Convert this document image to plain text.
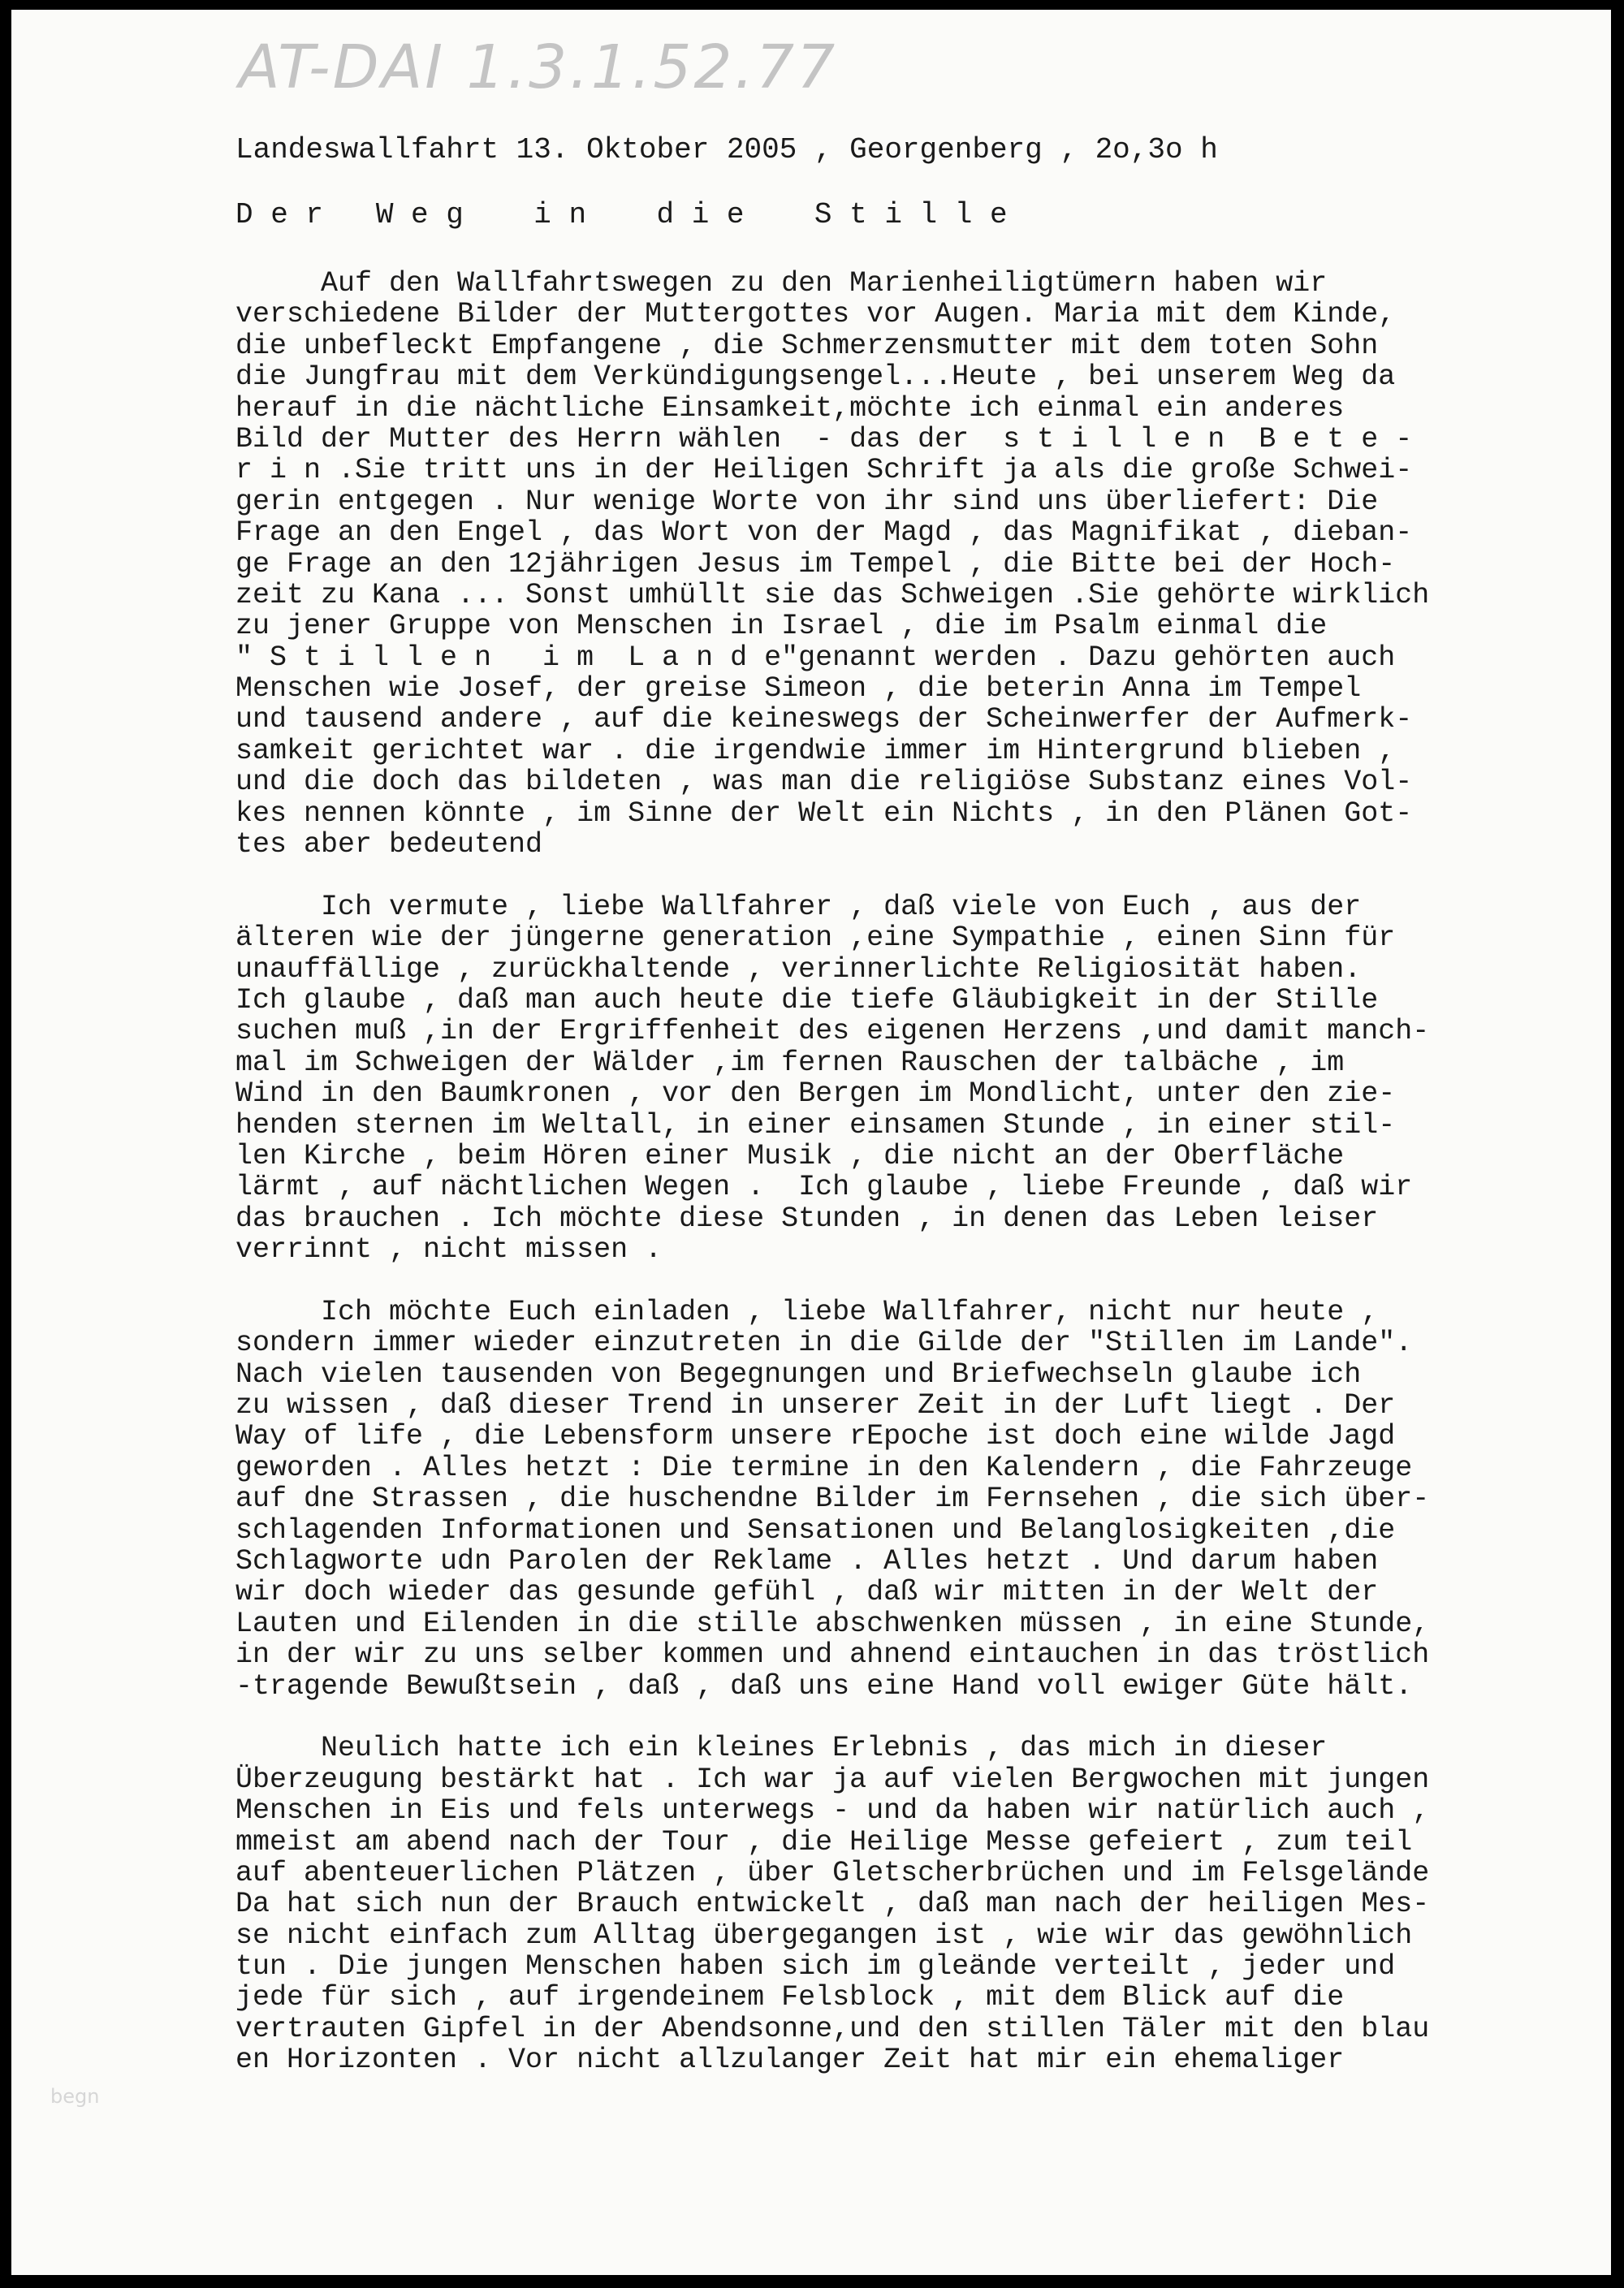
AT-DAI 1.3.1.52.77
Landeswallfahrt 13. Oktober 2005 , Georgenberg , 2o,3o h
D e r   W e g    i n    d i e    S t i l l e
Auf den Wallfahrtswegen zu den Marienheiligtümern haben wir
verschiedene Bilder der Muttergottes vor Augen. Maria mit dem Kinde,
die unbefleckt Empfangene , die Schmerzensmutter mit dem toten Sohn
die Jungfrau mit dem Verkündigungsengel...Heute , bei unserem Weg da
herauf in die nächtliche Einsamkeit,möchte ich einmal ein anderes
Bild der Mutter des Herrn wählen  - das der  s t i l l e n  B e t e -
r i n .Sie tritt uns in der Heiligen Schrift ja als die große Schwei-
gerin entgegen . Nur wenige Worte von ihr sind uns überliefert: Die
Frage an den Engel , das Wort von der Magd , das Magnifikat , dieban-
ge Frage an den 12jährigen Jesus im Tempel , die Bitte bei der Hoch-
zeit zu Kana ... Sonst umhüllt sie das Schweigen .Sie gehörte wirklich
zu jener Gruppe von Menschen in Israel , die im Psalm einmal die
" S t i l l e n   i m  L a n d e"genannt werden . Dazu gehörten auch
Menschen wie Josef, der greise Simeon , die beterin Anna im Tempel
und tausend andere , auf die keineswegs der Scheinwerfer der Aufmerk-
samkeit gerichtet war . die irgendwie immer im Hintergrund blieben ,
und die doch das bildeten , was man die religiöse Substanz eines Vol-
kes nennen könnte , im Sinne der Welt ein Nichts , in den Plänen Got-
tes aber bedeutend
Ich vermute , liebe Wallfahrer , daß viele von Euch , aus der
älteren wie der jüngerne generation ,eine Sympathie , einen Sinn für
unauffällige , zurückhaltende , verinnerlichte Religiosität haben.
Ich glaube , daß man auch heute die tiefe Gläubigkeit in der Stille
suchen muß ,in der Ergriffenheit des eigenen Herzens ,und damit manch-
mal im Schweigen der Wälder ,im fernen Rauschen der talbäche , im
Wind in den Baumkronen , vor den Bergen im Mondlicht, unter den zie-
henden sternen im Weltall, in einer einsamen Stunde , in einer stil-
len Kirche , beim Hören einer Musik , die nicht an der Oberfläche
lärmt , auf nächtlichen Wegen .  Ich glaube , liebe Freunde , daß wir
das brauchen . Ich möchte diese Stunden , in denen das Leben leiser
verrinnt , nicht missen .
Ich möchte Euch einladen , liebe Wallfahrer, nicht nur heute ,
sondern immer wieder einzutreten in die Gilde der "Stillen im Lande".
Nach vielen tausenden von Begegnungen und Briefwechseln glaube ich
zu wissen , daß dieser Trend in unserer Zeit in der Luft liegt . Der
Way of life , die Lebensform unsere rEpoche ist doch eine wilde Jagd
geworden . Alles hetzt : Die termine in den Kalendern , die Fahrzeuge
auf dne Strassen , die huschendne Bilder im Fernsehen , die sich über-
schlagenden Informationen und Sensationen und Belanglosigkeiten ,die
Schlagworte udn Parolen der Reklame . Alles hetzt . Und darum haben
wir doch wieder das gesunde gefühl , daß wir mitten in der Welt der
Lauten und Eilenden in die stille abschwenken müssen , in eine Stunde,
in der wir zu uns selber kommen und ahnend eintauchen in das tröstlich
-tragende Bewußtsein , daß , daß uns eine Hand voll ewiger Güte hält.
Neulich hatte ich ein kleines Erlebnis , das mich in dieser
Überzeugung bestärkt hat . Ich war ja auf vielen Bergwochen mit jungen
Menschen in Eis und fels unterwegs - und da haben wir natürlich auch ,
mmeist am abend nach der Tour , die Heilige Messe gefeiert , zum teil
auf abenteuerlichen Plätzen , über Gletscherbrüchen und im Felsgelände
Da hat sich nun der Brauch entwickelt , daß man nach der heiligen Mes-
se nicht einfach zum Alltag übergegangen ist , wie wir das gewöhnlich
tun . Die jungen Menschen haben sich im gleände verteilt , jeder und
jede für sich , auf irgendeinem Felsblock , mit dem Blick auf die
vertrauten Gipfel in der Abendsonne,und den stillen Täler mit den blau
en Horizonten . Vor nicht allzulanger Zeit hat mir ein ehemaliger
begn
